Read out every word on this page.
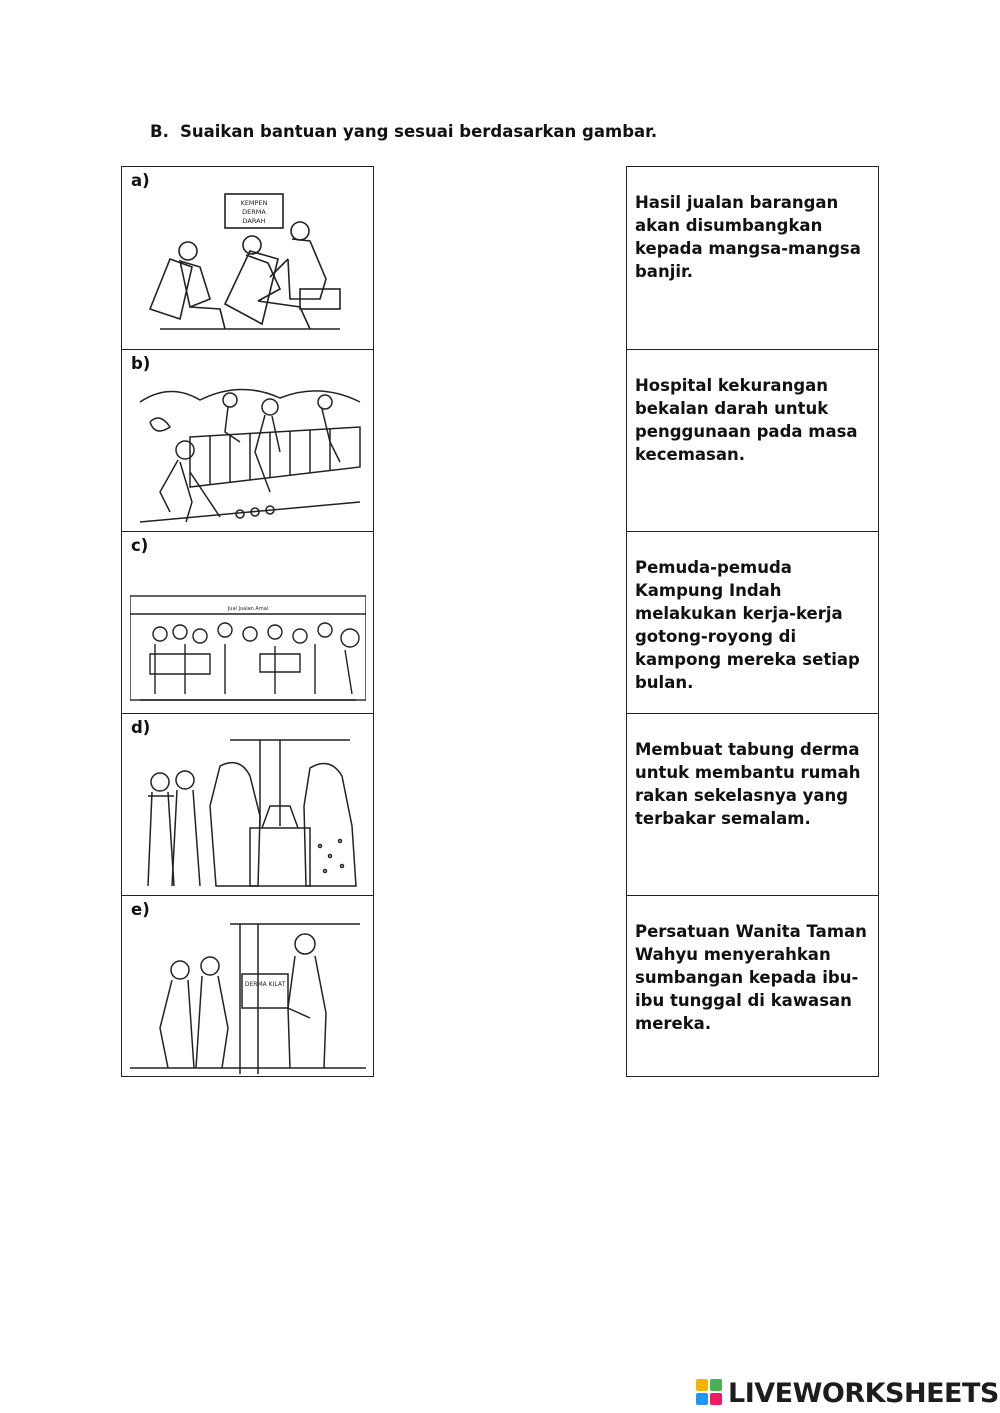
B. Suaikan bantuan yang sesuai berdasarkan gambar.
a)
KEMPEN
DERMA
DARAH
b)
c)
Jual Jualan Amal
d)
e)
DERMA KILAT
Hasil jualan barangan akan disumbangkan kepada mangsa-mangsa banjir.
Hospital kekurangan bekalan darah untuk penggunaan pada masa kecemasan.
Pemuda-pemuda Kampung Indah melakukan kerja-kerja gotong-royong di kampong mereka setiap bulan.
Membuat tabung derma untuk membantu rumah rakan sekelasnya yang terbakar semalam.
Persatuan Wanita Taman Wahyu menyerahkan sumbangan kepada ibu-ibu tunggal di kawasan mereka.
LIVEWORKSHEETS
